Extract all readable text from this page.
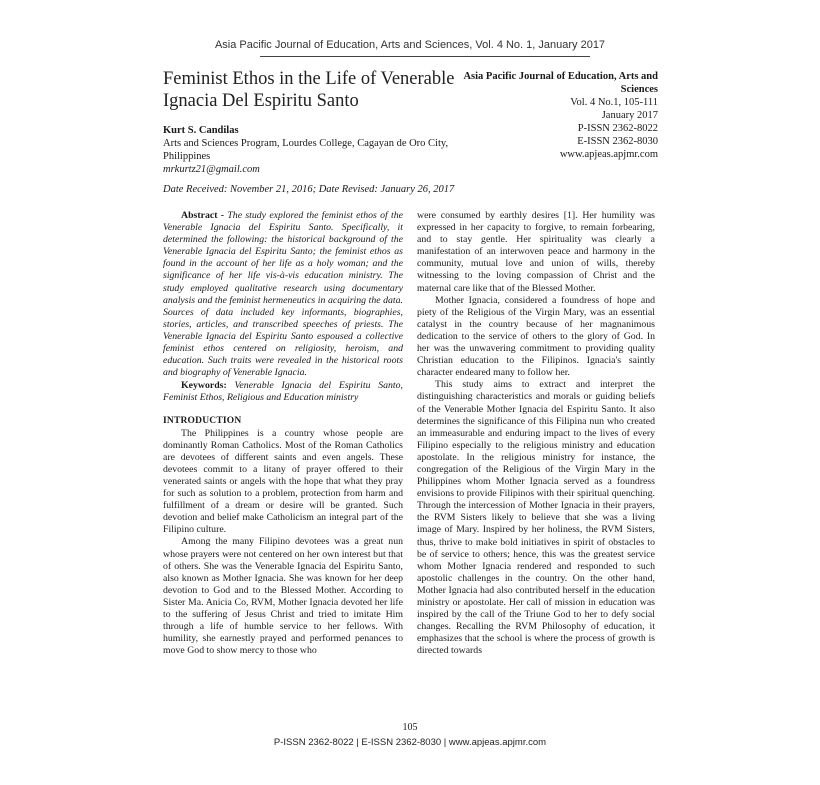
Asia Pacific Journal of Education, Arts and Sciences, Vol. 4 No. 1, January 2017
Feminist Ethos in the Life of Venerable Ignacia Del Espiritu Santo
Asia Pacific Journal of Education, Arts and Sciences
Vol. 4 No.1, 105-111
January 2017
P-ISSN 2362-8022
E-ISSN 2362-8030
www.apjeas.apjmr.com
Kurt S. Candilas
Arts and Sciences Program, Lourdes College, Cagayan de Oro City, Philippines
mrkurtz21@gmail.com
Date Received: November 21, 2016; Date Revised: January 26, 2017

Abstract - The study explored the feminist ethos of the Venerable Ignacia del Espiritu Santo. Specifically, it determined the following: the historical background of the Venerable Ignacia del Espiritu Santo; the feminist ethos as found in the account of her life as a holy woman; and the significance of her life vis-à-vis education ministry. The study employed qualitative research using documentary analysis and the feminist hermeneutics in acquiring the data. Sources of data included key informants, biographies, stories, articles, and transcribed speeches of priests. The Venerable Ignacia del Espiritu Santo espoused a collective feminist ethos centered on religiosity, heroism, and education. Such traits were revealed in the historical roots and biography of Venerable Ignacia.

Keywords: Venerable Ignacia del Espiritu Santo, Feminist Ethos, Religious and Education ministry

INTRODUCTION

The Philippines is a country whose people are dominantly Roman Catholics. Most of the Roman Catholics are devotees of different saints and even angels. These devotees commit to a litany of prayer offered to their venerated saints or angels with the hope that what they pray for such as solution to a problem, protection from harm and fulfillment of a dream or desire will be granted. Such devotion and belief make Catholicism an integral part of the Filipino culture.

Among the many Filipino devotees was a great nun whose prayers were not centered on her own interest but that of others. She was the Venerable Ignacia del Espiritu Santo, also known as Mother Ignacia. She was known for her deep devotion to God and to the Blessed Mother. According to Sister Ma. Anicia Co, RVM, Mother Ignacia devoted her life to the suffering of Jesus Christ and tried to imitate Him through a life of humble service to her fellows. With humility, she earnestly prayed and performed penances to move God to show mercy to those who

were consumed by earthly desires [1]. Her humility was expressed in her capacity to forgive, to remain forbearing, and to stay gentle. Her spirituality was clearly a manifestation of an interwoven peace and harmony in the community, mutual love and union of wills, thereby witnessing to the loving compassion of Christ and the maternal care like that of the Blessed Mother.

Mother Ignacia, considered a foundress of hope and piety of the Religious of the Virgin Mary, was an essential catalyst in the country because of her magnanimous dedication to the service of others to the glory of God. In her was the unwavering commitment to providing quality Christian education to the Filipinos. Ignacia's saintly character endeared many to follow her.

This study aims to extract and interpret the distinguishing characteristics and morals or guiding beliefs of the Venerable Mother Ignacia del Espiritu Santo. It also determines the significance of this Filipina nun who created an immeasurable and enduring impact to the lives of every Filipino especially to the religious ministry and education apostolate. In the religious ministry for instance, the congregation of the Religious of the Virgin Mary in the Philippines whom Mother Ignacia served as a foundress envisions to provide Filipinos with their spiritual quenching. Through the intercession of Mother Ignacia in their prayers, the RVM Sisters likely to believe that she was a living image of Mary. Inspired by her holiness, the RVM Sisters, thus, thrive to make bold initiatives in spirit of obstacles to be of service to others; hence, this was the greatest service whom Mother Ignacia rendered and responded to such apostolic challenges in the country. On the other hand, Mother Ignacia had also contributed herself in the education ministry or apostolate. Her call of mission in education was inspired by the call of the Triune God to her to defy social changes. Recalling the RVM Philosophy of education, it emphasizes that the school is where the process of growth is directed towards

105
P-ISSN 2362-8022 | E-ISSN 2362-8030 | www.apjeas.apjmr.com
